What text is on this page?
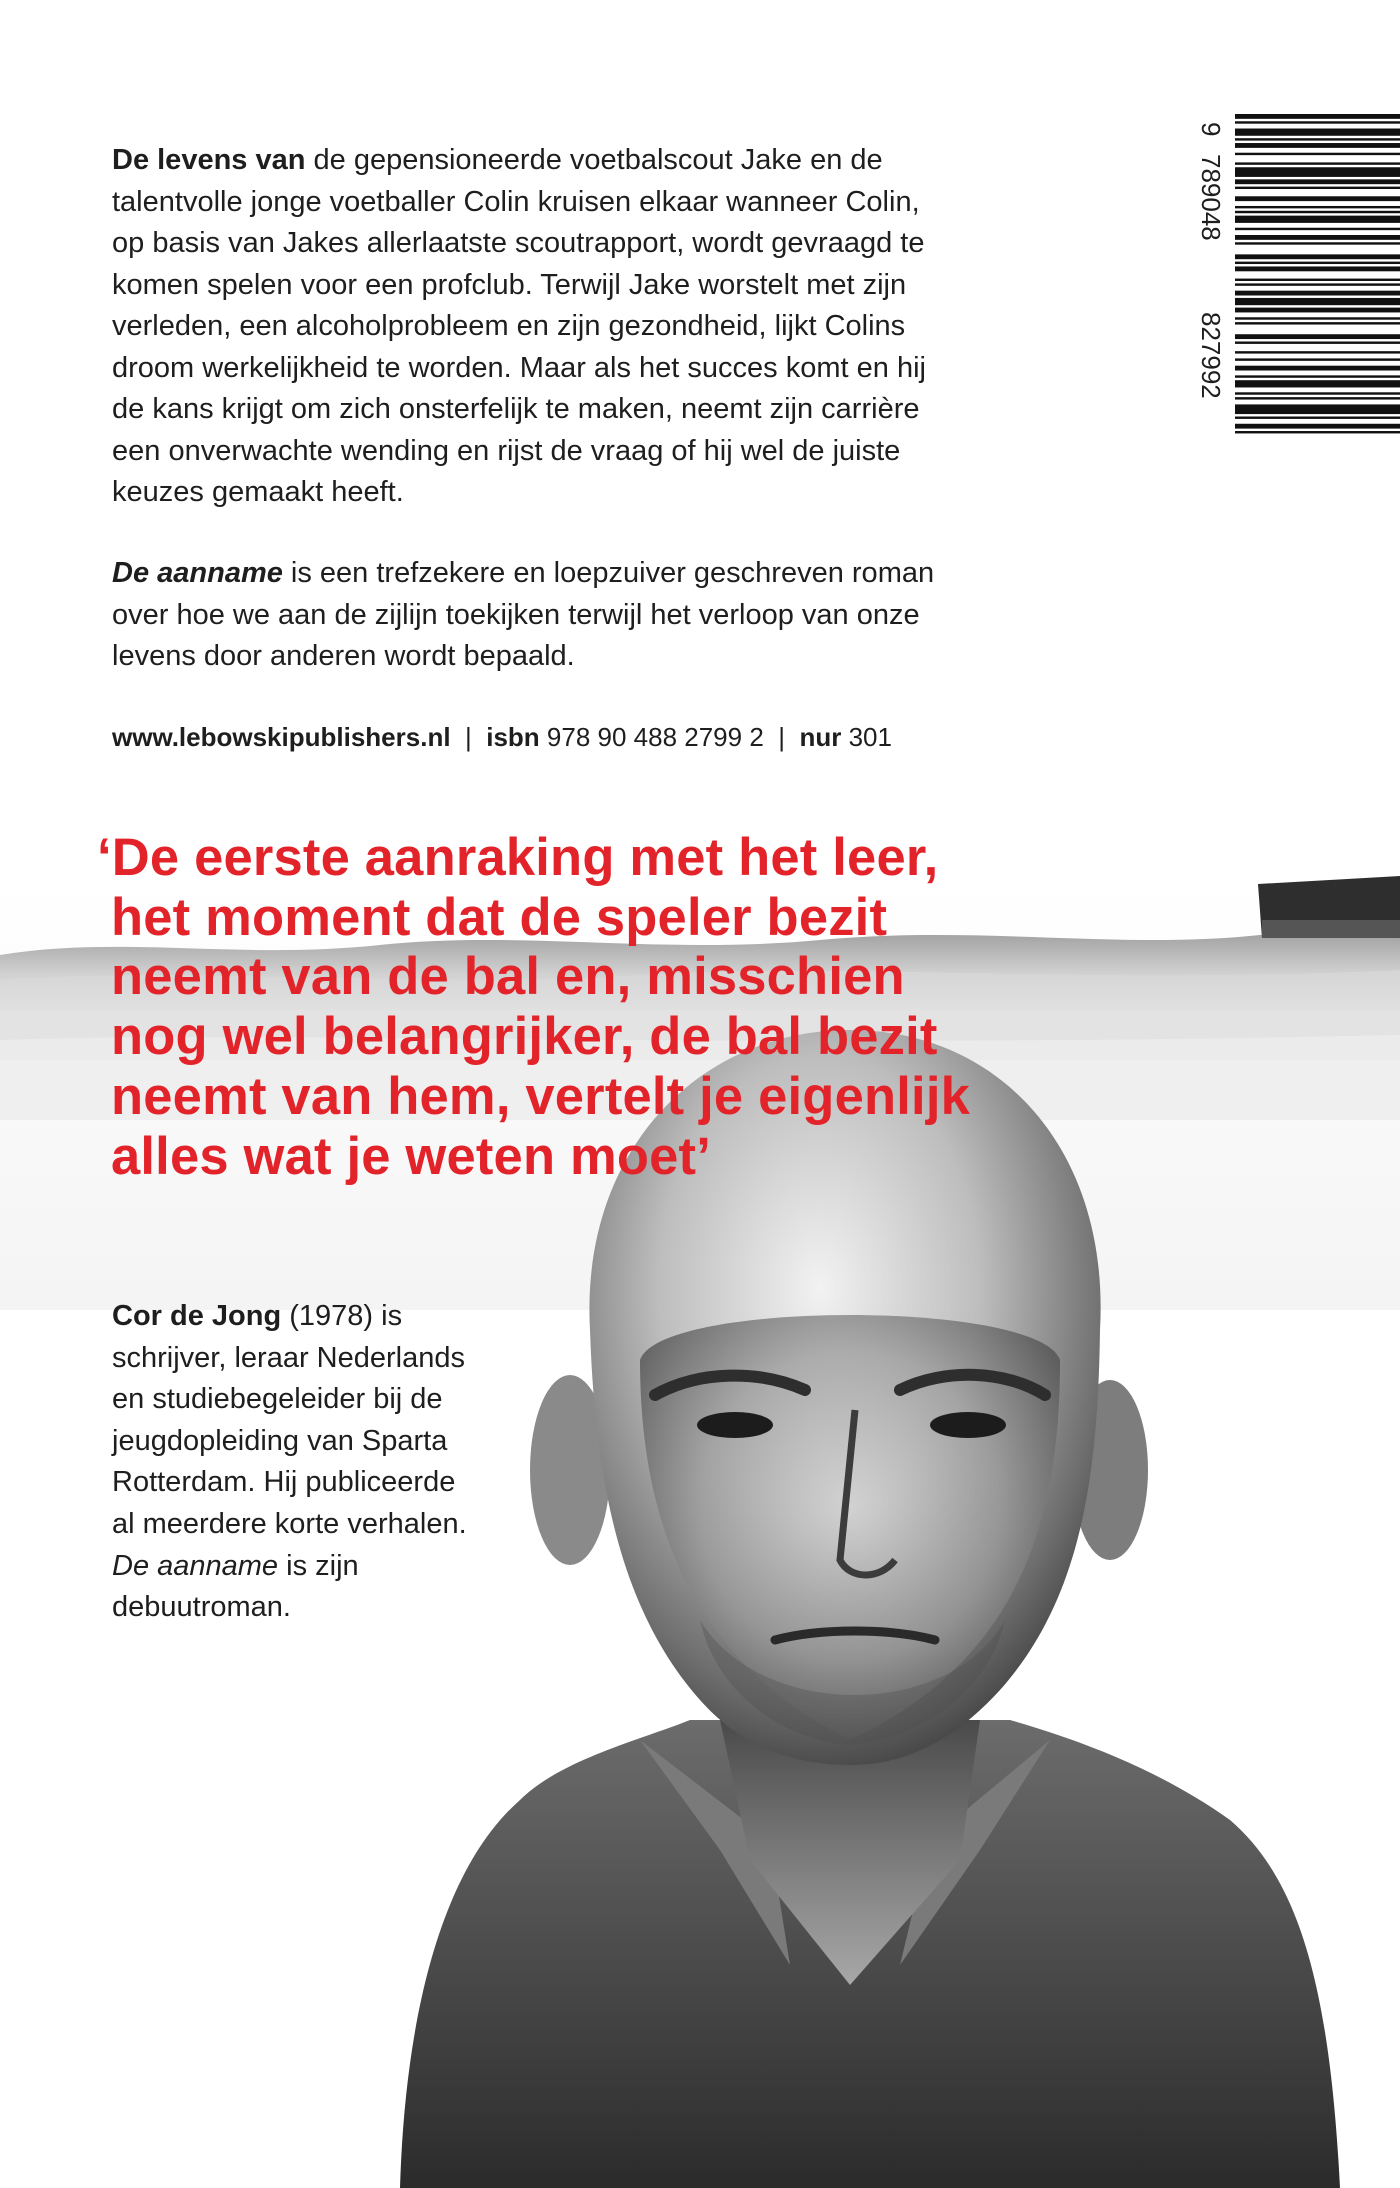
9
789048
827992
De levens van de gepensioneerde voetbalscout Jake en de
talentvolle jonge voetballer Colin kruisen elkaar wanneer Colin,
op basis van Jakes allerlaatste scoutrapport, wordt gevraagd te
komen spelen voor een profclub. Terwijl Jake worstelt met zijn
verleden, een alcoholprobleem en zijn gezondheid, lijkt Colins
droom werkelijkheid te worden. Maar als het succes komt en hij
de kans krijgt om zich onsterfelijk te maken, neemt zijn carrière
een onverwachte wending en rijst de vraag of hij wel de juiste
keuzes gemaakt heeft.
De aanname is een trefzekere en loepzuiver geschreven roman
over hoe we aan de zijlijn toekijken terwijl het verloop van onze
levens door anderen wordt bepaald.
www.lebowskipublishers.nl | isbn 978 90 488 2799 2 | nur 301
‘De eerste aanraking met het leer,
het moment dat de speler bezit
neemt van de bal en, misschien
nog wel belangrijker, de bal bezit
neemt van hem, vertelt je eigenlijk
alles wat je weten moet’
Cor de Jong (1978) is
schrijver, leraar Nederlands
en studiebegeleider bij de
jeugdopleiding van Sparta
Rotterdam. Hij publiceerde
al meerdere korte verhalen.
De aanname is zijn
debuutroman.
